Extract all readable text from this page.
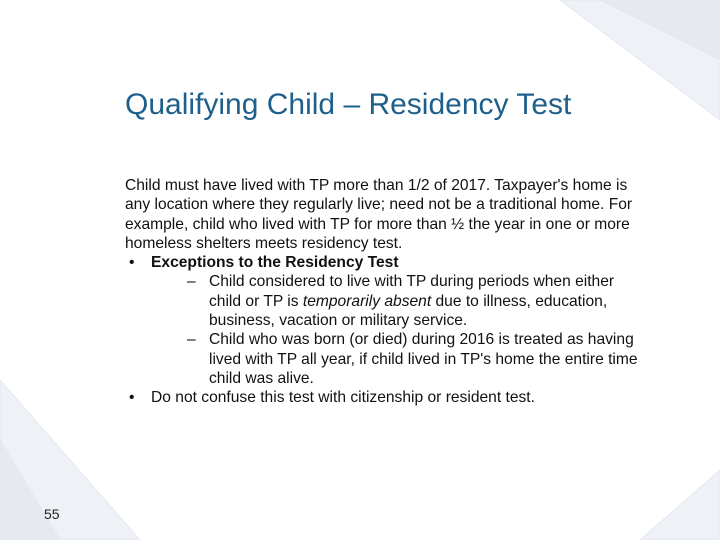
Qualifying Child – Residency Test

Child must have lived with TP more than 1/2 of 2017. Taxpayer's home is any location where they regularly live; need not be a traditional home. For example, child who lived with TP for more than ½ the year in one or more homeless shelters meets residency test.

• Exceptions to the Residency Test

– Child considered to live with TP during periods when either child or TP is temporarily absent due to illness, education, business, vacation or military service.

– Child who was born (or died) during 2016 is treated as having lived with TP all year, if child lived in TP's home the entire time child was alive.

• Do not confuse this test with citizenship or resident test.

55
